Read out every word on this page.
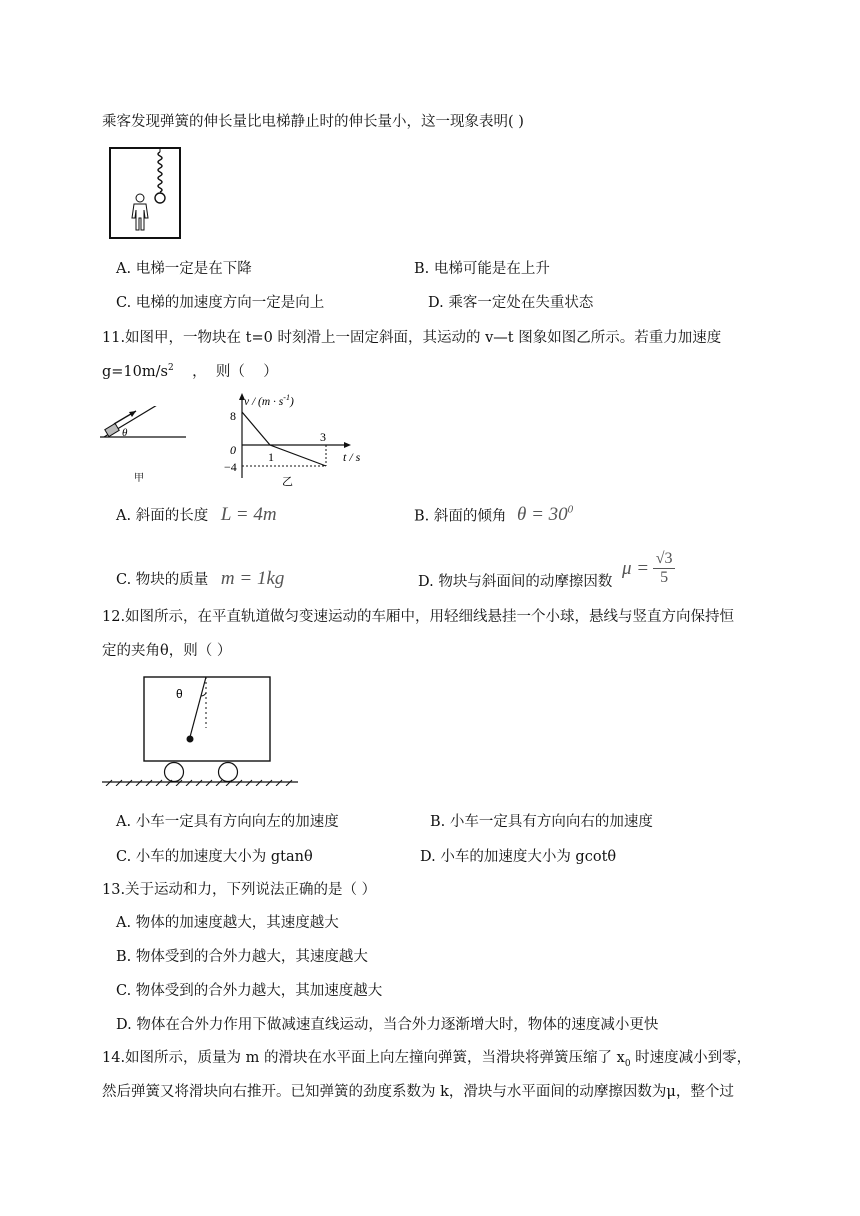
乘客发现弹簧的伸长量比电梯静止时的伸长量小，这一现象表明( )
A. 电梯一定是在下降	B. 电梯可能是在上升
C. 电梯的加速度方向一定是向上	D. 乘客一定处在失重状态
11.如图甲，一物块在 t=0 时刻滑上一固定斜面，其运动的 v—t 图象如图乙所示。若重力加速度
$g=10m/s^2$    ，  则（    ）
θ
甲
$v / (m \cdot s^{-1})$
t / s
8
0
−4
1
3
乙
A. 斜面的长度 L = 4m	B. 斜面的倾角 $\theta = 30^0$
C. 物块的质量 m = 1kg	D. 物块与斜面间的动摩擦因数
μ = √3
5
12.如图所示，在平直轨道做匀变速运动的车厢中，用轻细线悬挂一个小球，悬线与竖直方向保持恒
定的夹角θ，则（ ）
θ
A. 小车一定具有方向向左的加速度	B. 小车一定具有方向向右的加速度
C. 小车的加速度大小为 gtanθ	D. 小车的加速度大小为 gcotθ
13.关于运动和力，下列说法正确的是（ ）
A. 物体的加速度越大，其速度越大
B. 物体受到的合外力越大，其速度越大
C. 物体受到的合外力越大，其加速度越大
D. 物体在合外力作用下做减速直线运动，当合外力逐渐增大时，物体的速度减小更快
14.如图所示，质量为 m 的滑块在水平面上向左撞向弹簧，当滑块将弹簧压缩了 $x_0$ 时速度减小到零，
然后弹簧又将滑块向右推开。已知弹簧的劲度系数为 k，滑块与水平面间的动摩擦因数为μ，整个过
